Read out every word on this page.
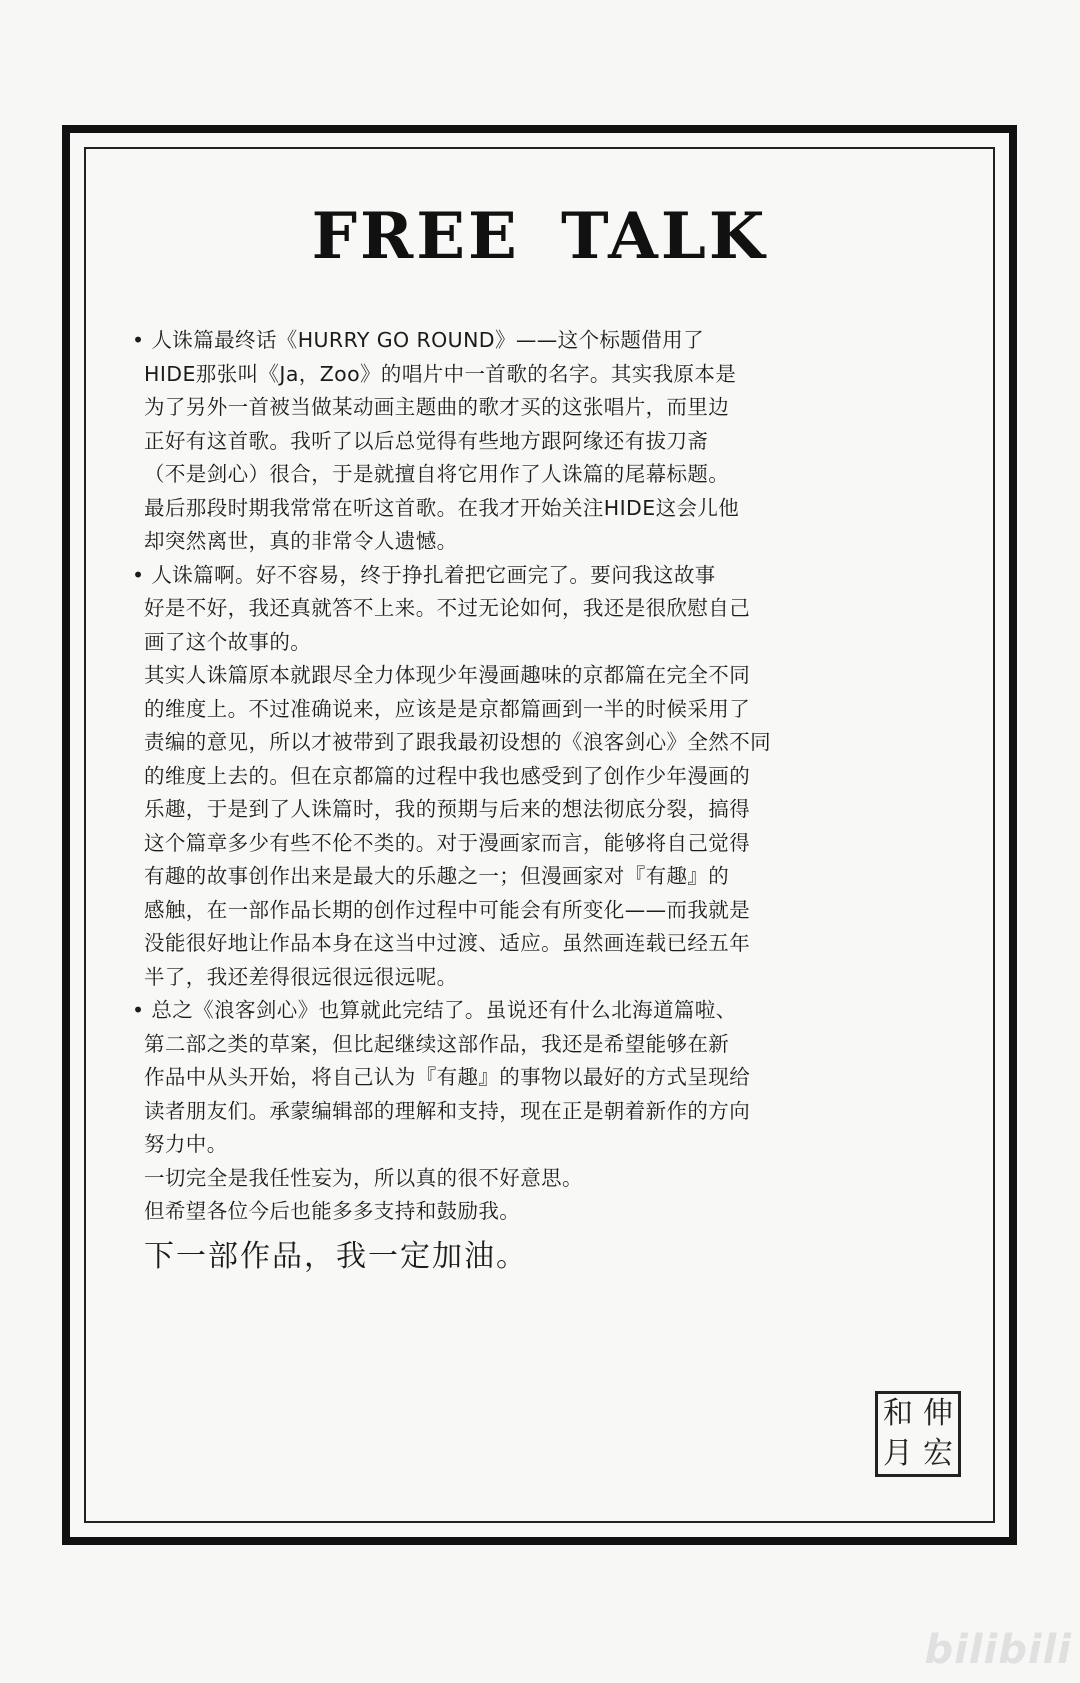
FREE TALK
• 人诛篇最终话《HURRY GO ROUND》——这个标题借用了
HIDE那张叫《Ja，Zoo》的唱片中一首歌的名字。其实我原本是
为了另外一首被当做某动画主题曲的歌才买的这张唱片，而里边
正好有这首歌。我听了以后总觉得有些地方跟阿缘还有拔刀斋
（不是剑心）很合，于是就擅自将它用作了人诛篇的尾幕标题。
最后那段时期我常常在听这首歌。在我才开始关注HIDE这会儿他
却突然离世，真的非常令人遗憾。
• 人诛篇啊。好不容易，终于挣扎着把它画完了。要问我这故事
好是不好，我还真就答不上来。不过无论如何，我还是很欣慰自己
画了这个故事的。
其实人诛篇原本就跟尽全力体现少年漫画趣味的京都篇在完全不同
的维度上。不过准确说来，应该是是京都篇画到一半的时候采用了
责编的意见，所以才被带到了跟我最初设想的《浪客剑心》全然不同
的维度上去的。但在京都篇的过程中我也感受到了创作少年漫画的
乐趣，于是到了人诛篇时，我的预期与后来的想法彻底分裂，搞得
这个篇章多少有些不伦不类的。对于漫画家而言，能够将自己觉得
有趣的故事创作出来是最大的乐趣之一；但漫画家对『有趣』的
感触，在一部作品长期的创作过程中可能会有所变化——而我就是
没能很好地让作品本身在这当中过渡、适应。虽然画连载已经五年
半了，我还差得很远很远很远呢。
• 总之《浪客剑心》也算就此完结了。虽说还有什么北海道篇啦、
第二部之类的草案，但比起继续这部作品，我还是希望能够在新
作品中从头开始，将自己认为『有趣』的事物以最好的方式呈现给
读者朋友们。承蒙编辑部的理解和支持，现在正是朝着新作的方向
努力中。
一切完全是我任性妄为，所以真的很不好意思。
但希望各位今后也能多多支持和鼓励我。
下一部作品，我一定加油。
和 伸
月 宏
bilibili
